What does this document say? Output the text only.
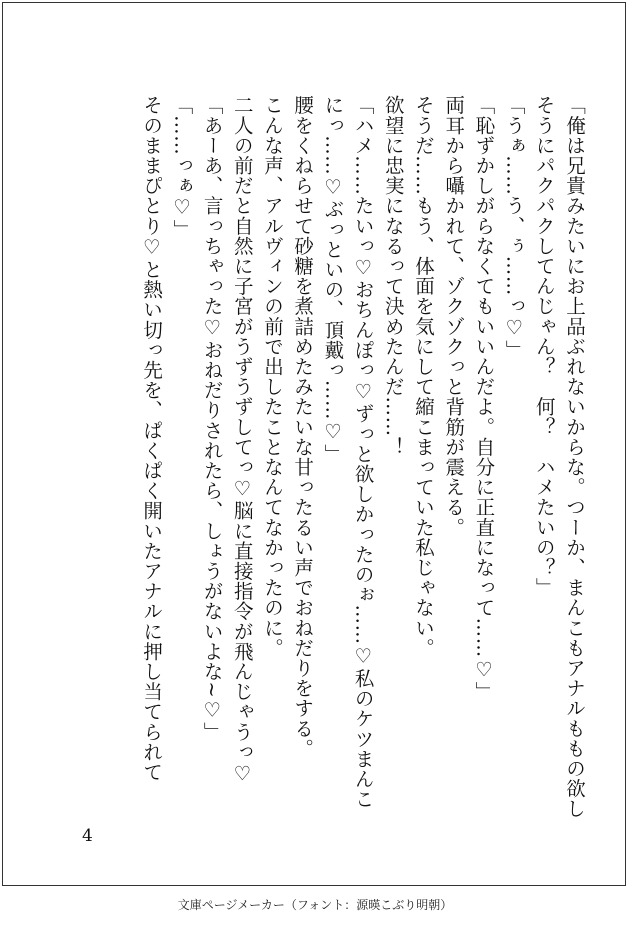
「俺は兄貴みたいにお上品ぶれないからな。つーか、まんこもアナルももの欲し
そうにパクパクしてんじゃん？　何？　ハメたいの？」
「うぁ……う、ぅ……っ♡」
「恥ずかしがらなくてもいいんだよ。自分に正直になって……♡」
両耳から囁かれて、ゾクゾクっと背筋が震える。
そうだ……もう、体面を気にして縮こまっていた私じゃない。
欲望に忠実になるって決めたんだ……！
「ハメ……たいっ♡おちんぽっ♡ずっと欲しかったのぉ……♡私のケツまんこ
にっ……♡ぶっといの、頂戴っ……♡」
腰をくねらせて砂糖を煮詰めたみたいな甘ったるい声でおねだりをする。
こんな声、アルヴィンの前で出したことなんてなかったのに。
二人の前だと自然に子宮がうずうずしてっ♡脳に直接指令が飛んじゃうっ♡
「あーあ、言っちゃった♡おねだりされたら、しょうがないよな~♡」
「……っぁ♡」
そのままぴとり♡と熱い切っ先を、ぱくぱく開いたアナルに押し当てられて
4
文庫ページメーカー（フォント：源暎こぶり明朝）
